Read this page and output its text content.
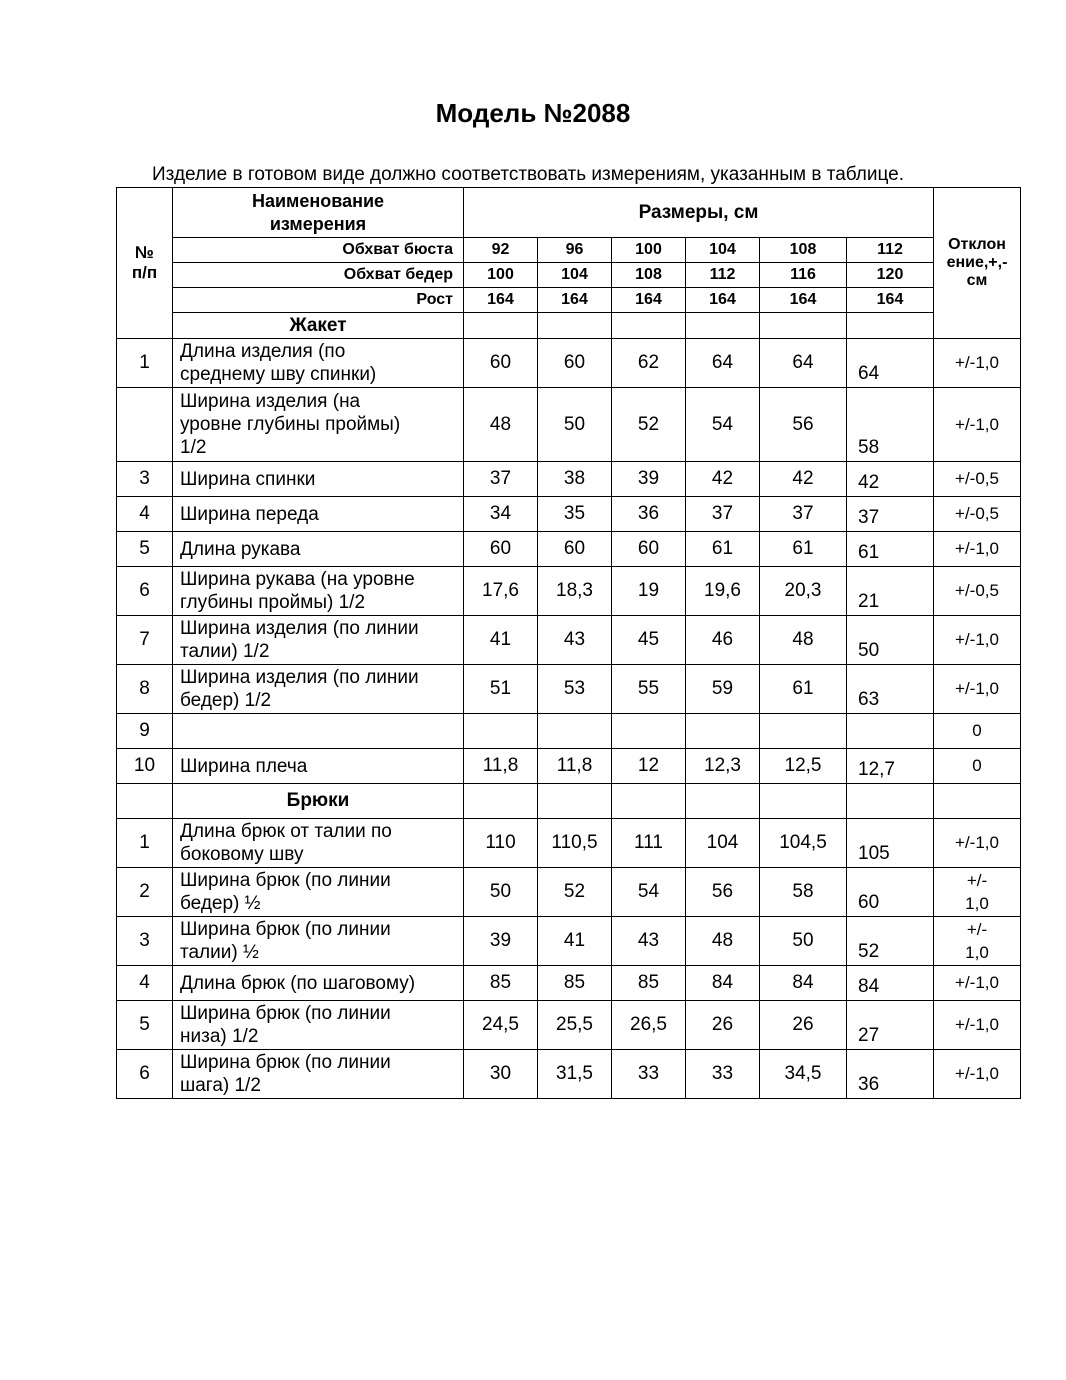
Модель №2088
Изделие в готовом виде должно соответствовать измерениям, указанным в таблице.
№
п/п	Наименование
измерения	Размеры, см						Отклон
ение,+,-
см
	Обхват бюста	92	96	100	104	108	112	
	Обхват бедер	100	104	108	112	116	120	
	Рост	164	164	164	164	164	164	
	Жакет							
1	Длина изделия (по
среднему шву спинки)	60	60	62	64	64	64	+/-1,0
	Ширина изделия (на
уровне глубины проймы)
1/2	48	50	52	54	56	58	+/-1,0
3	Ширина спинки	37	38	39	42	42	42	+/-0,5
4	Ширина переда	34	35	36	37	37	37	+/-0,5
5	Длина рукава	60	60	60	61	61	61	+/-1,0
6	Ширина рукава (на уровне
глубины проймы) 1/2	17,6	18,3	19	19,6	20,3	21	+/-0,5
7	Ширина изделия (по линии
талии) 1/2	41	43	45	46	48	50	+/-1,0
8	Ширина изделия (по линии
бедер) 1/2	51	53	55	59	61	63	+/-1,0
9								0
10	Ширина плеча	11,8	11,8	12	12,3	12,5	12,7	0
	Брюки							
1	Длина брюк от талии по
боковому шву	110	110,5	111	104	104,5	105	+/-1,0
2	Ширина брюк (по линии
бедер) ½	50	52	54	56	58	60	+/-
1,0
3	Ширина брюк (по линии
талии) ½	39	41	43	48	50	52	+/-
1,0
4	Длина брюк (по шаговому)	85	85	85	84	84	84	+/-1,0
5	Ширина брюк (по линии
низа) 1/2	24,5	25,5	26,5	26	26	27	+/-1,0
6	Ширина брюк (по линии
шага) 1/2	30	31,5	33	33	34,5	36	+/-1,0
